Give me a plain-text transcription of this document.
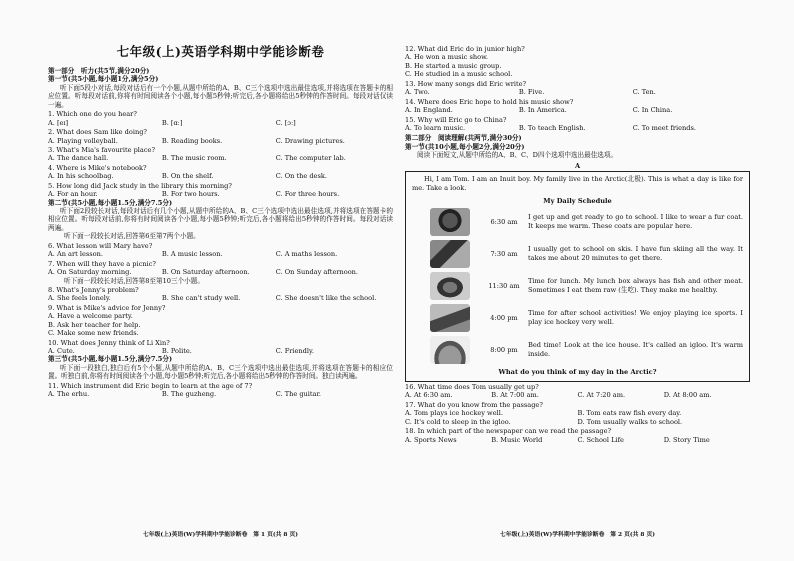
七年级(上)英语学科期中学能诊断卷
第一部分　听力(共5节,满分20分)
第一节(共5小题,每小题1分,满分5分)
听下面5段小对话,每段对话后有一个小题,从题中所给的A、B、C三个选项中选出最佳选项,并将选项在答题卡的相应位置。听每段对话前,你将有时间阅读各个小题,每小题5秒钟;听完后,各小题将给出5秒钟的作答时间。每段对话仅读一遍。
1. Which one do you hear?
A. [eɪ]	B. [ɑː]	C. [ɔː]
2. What does Sam like doing?
A. Playing volleyball.	B. Reading books.	C. Drawing pictures.
3. What's Mia's favourite place?
A. The dance hall.	B. The music room.	C. The computer lab.
4. Where is Mike's notebook?
A. In his schoolbag.	B. On the shelf.	C. On the desk.
5. How long did Jack study in the library this morning?
A. For an hour.	B. For two hours.	C. For three hours.
第二节(共5小题,每小题1.5分,满分7.5分)
听下面2段较长对话,每段对话后有几个小题,从题中所给的A、B、C三个选项中选出最佳选项,并将选项在答题卡的相应位置。听每段对话前,你将有时间阅读各个小题,每小题5秒钟;听完后,各小题将给出5秒钟的作答时间。每段对话读两遍。
听下面一段较长对话,回答第6至第7两个小题。
6. What lesson will Mary have?
A. An art lesson.	B. A music lesson.	C. A maths lesson.
7. When will they have a picnic?
A. On Saturday morning.	B. On Saturday afternoon.	C. On Sunday afternoon.
听下面一段较长对话,回答第8至第10三个小题。
8. What's Jenny's problem?
A. She feels lonely.	B. She can't study well.	C. She doesn't like the school.
9. What is Mike's advice for Jenny?
A. Have a welcome party.
B. Ask her teacher for help.
C. Make some new friends.
10. What does Jenny think of Li Xin?
A. Cute.	B. Polite.	C. Friendly.
第三节(共5小题,每小题1.5分,满分7.5分)
听下面一段独白,独白后有5个小题,从题中所给的A、B、C三个选项中选出最佳选项,并将选项在答题卡的相应位置。听独白前,你将有时间阅读各个小题,每小题5秒钟;听完后,各小题将给出5秒钟的作答时间。独白读两遍。
11. Which instrument did Eric begin to learn at the age of 7?
A. The erhu.	B. The guzheng.	C. The guitar.
七年级(上)英语(W)学科期中学能诊断卷　第 1 页(共 8 页)
12. What did Eric do in junior high?
A. He won a music show.
B. He started a music group.
C. He studied in a music school.
13. How many songs did Eric write?
A. Two.	B. Five.	C. Ten.
14. Where does Eric hope to hold his music show?
A. In England.	B. In America.	C. In China.
15. Why will Eric go to China?
A. To learn music.	B. To teach English.	C. To meet friends.
第二部分　阅读理解(共两节,满分30分)
第一节(共10小题,每小题2分,满分20分)
阅读下面短文,从题中所给的A、B、C、D四个选项中选出最佳选项。
A
Hi, I am Tom. I am an Inuit boy. My family live in the Arctic(北极). This is what a day is like for me. Take a look.
My Daily Schedule
6:30 am
I get up and get ready to go to school. I like to wear a fur coat. It keeps me warm. These coats are popular here.
7:30 am
I usually get to school on skis. I have fun skiing all the way. It takes me about 20 minutes to get there.
11:30 am
Time for lunch. My lunch box always has fish and other meat. Sometimes I eat them raw (生吃). They make me healthy.
4:00 pm
Time for after school activities! We enjoy playing ice sports. I play ice hockey very well.
8:00 pm
Bed time! Look at the ice house. It's called an igloo. It's warm inside.
What do you think of my day in the Arctic?
16. What time does Tom usually get up?
A. At 6:30 am.	B. At 7:00 am.	C. At 7:20 am.	D. At 8:00 am.
17. What do you know from the passage?
A. Tom plays ice hockey well.	B. Tom eats raw fish every day.
C. It's cold to sleep in the igloo.	D. Tom usually walks to school.
18. In which part of the newspaper can we read the passage?
A. Sports News	B. Music World	C. School Life	D. Story Time
七年级(上)英语(W)学科期中学能诊断卷　第 2 页(共 8 页)
